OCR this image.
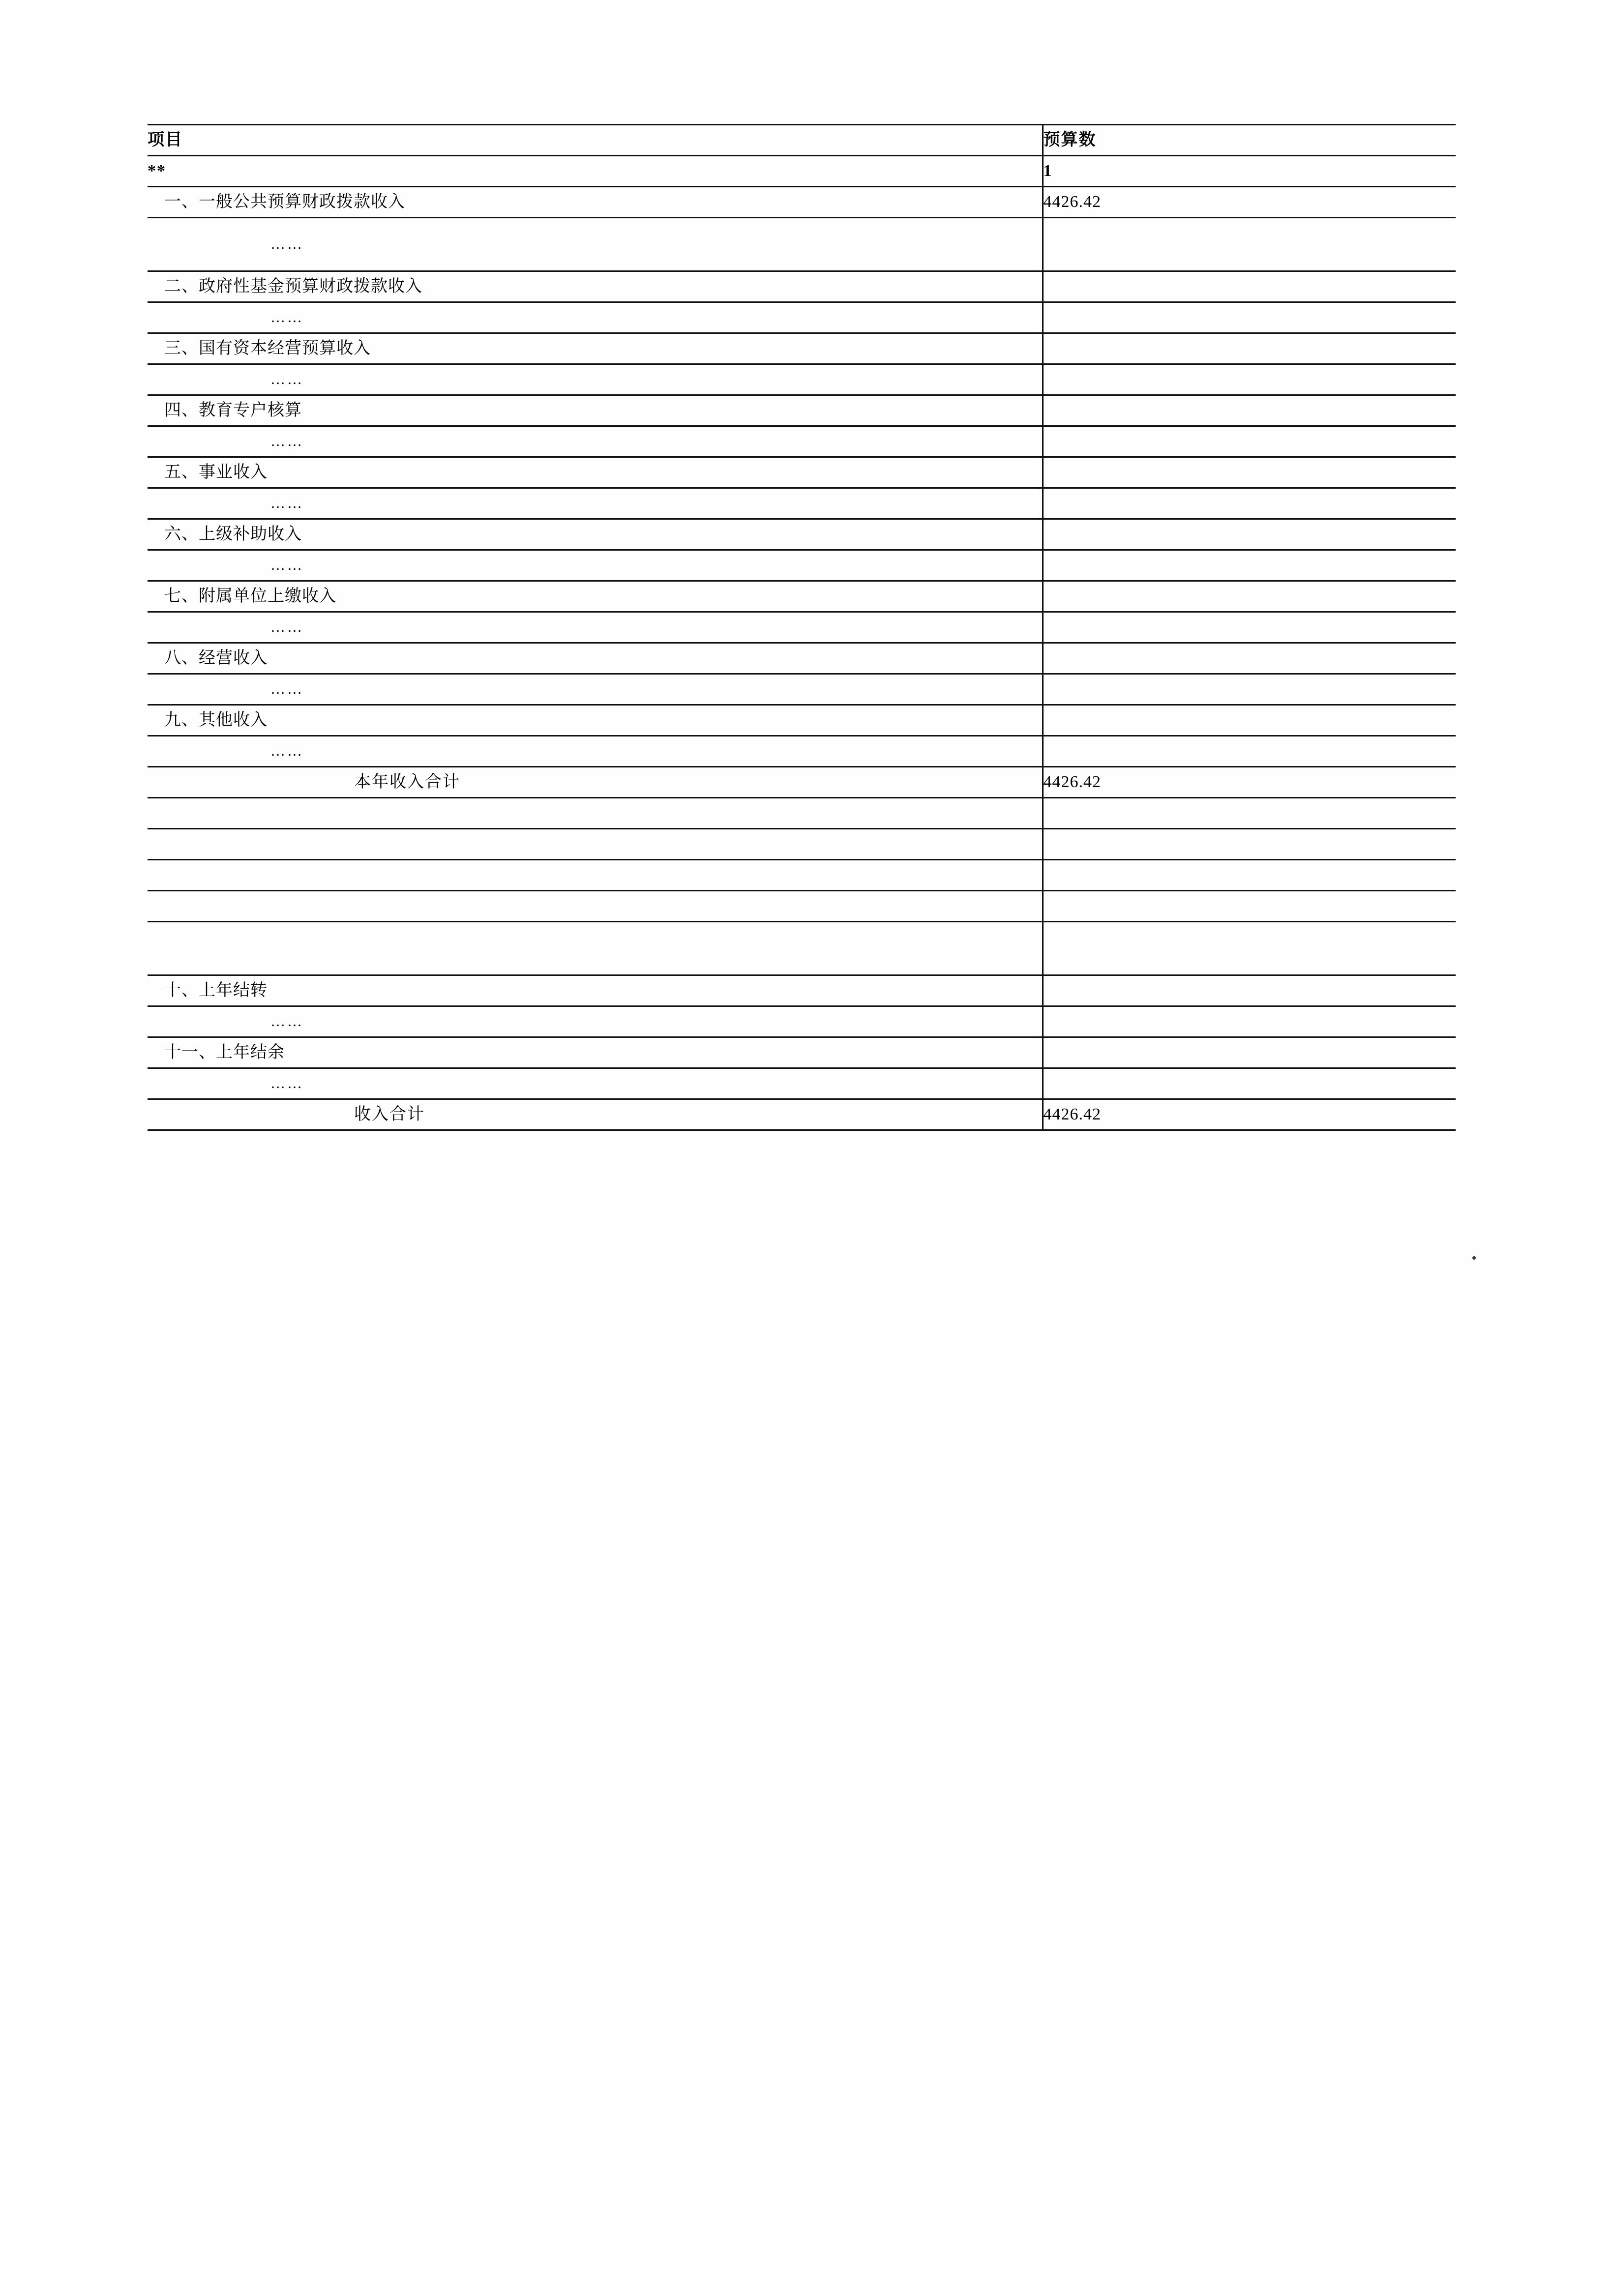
项目	预算数
**	1

一、一般公共预算财政拨款收入	4426.42

……	

二、政府性基金预算财政拨款收入	

……	

三、国有资本经营预算收入	

……	

四、教育专户核算	

……	

五、事业收入	

……	

六、上级补助收入	

……	

七、附属单位上缴收入	

……	

八、经营收入	

……	

九、其他收入	

……	

本年收入合计	4426.42

十、上年结转	

……	

十一、上年结余	

……	

收入合计	4426.42
